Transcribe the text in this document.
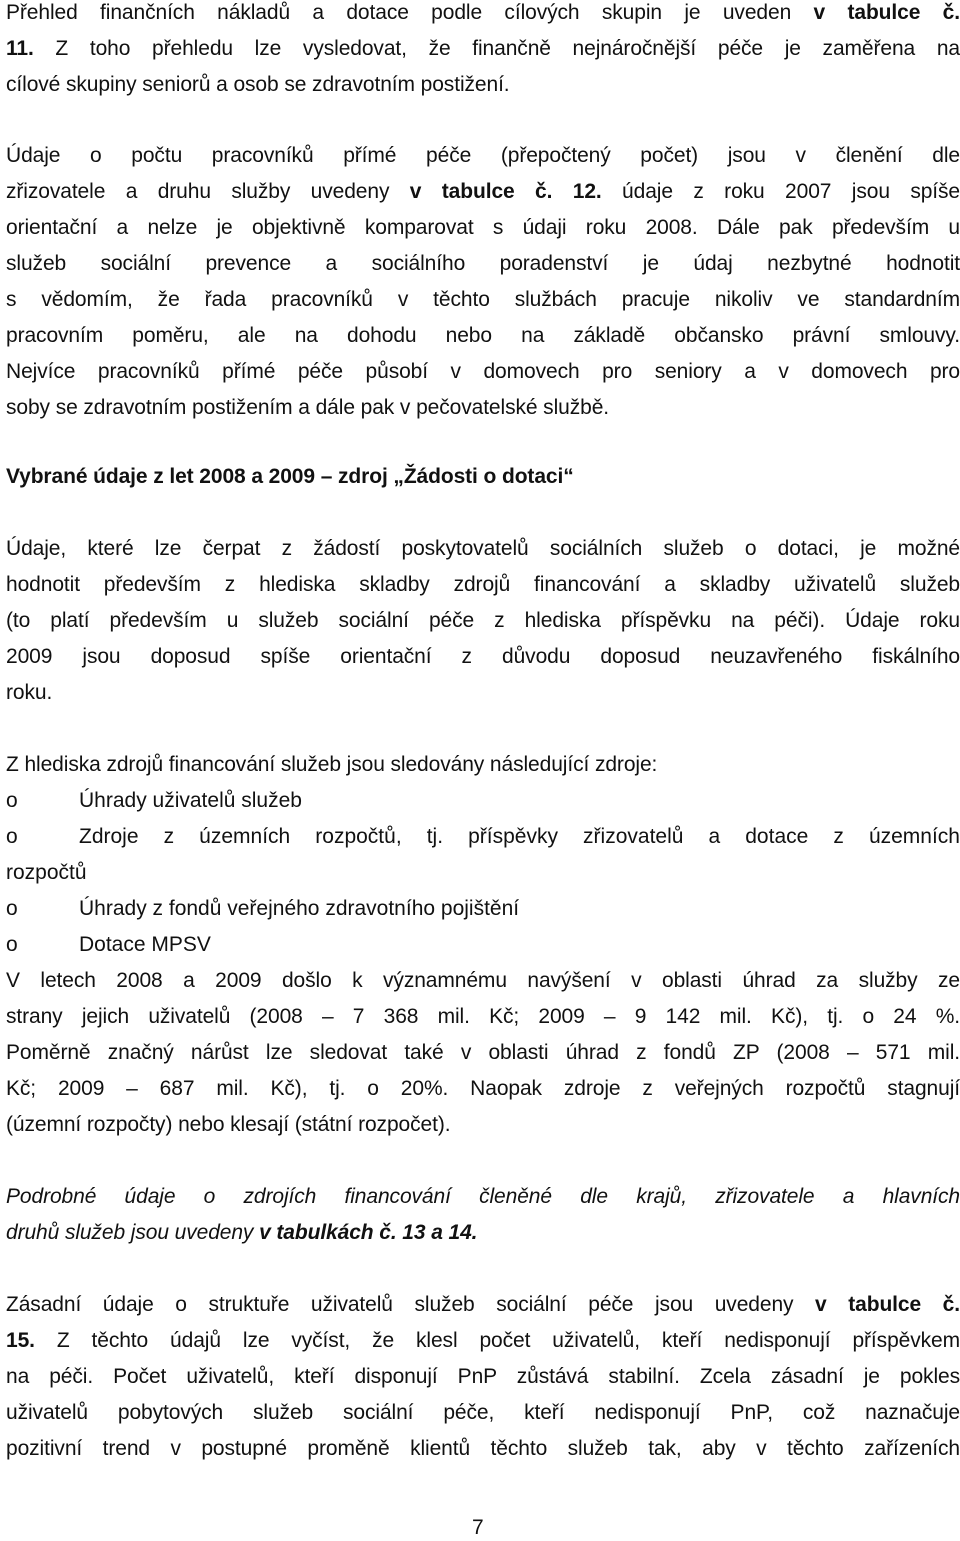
Přehled finančních nákladů a dotace podle cílových skupin je uveden v tabulce č.
11. Z toho přehledu lze vysledovat, že finančně nejnáročnější péče je zaměřena na
cílové skupiny seniorů a osob se zdravotním postižení.
Údaje o počtu pracovníků přímé péče (přepočtený počet) jsou v členění dle
zřizovatele a druhu služby uvedeny v tabulce č. 12. údaje z roku 2007 jsou spíše
orientační a nelze je objektivně komparovat s údaji roku 2008. Dále pak především u
služeb sociální prevence a sociálního poradenství je údaj nezbytné hodnotit
s vědomím, že řada pracovníků v těchto službách pracuje nikoliv ve standardním
pracovním poměru, ale na dohodu nebo na základě občansko právní smlouvy.
Nejvíce pracovníků přímé péče působí v domovech pro seniory a v domovech pro
soby se zdravotním postižením a dále pak v pečovatelské službě.
Vybrané údaje z let 2008 a 2009 – zdroj „Žádosti o dotaci“
Údaje, které lze čerpat z žádostí poskytovatelů sociálních služeb o dotaci, je možné
hodnotit především z hlediska skladby zdrojů financování a skladby uživatelů služeb
(to platí především u služeb sociální péče z hlediska příspěvku na péči). Údaje roku
2009 jsou doposud spíše orientační z důvodu doposud neuzavřeného fiskálního
roku.
Z hlediska zdrojů financování služeb jsou sledovány následující zdroje:
o	Úhrady uživatelů služeb
o	Zdroje z územních rozpočtů, tj. příspěvky zřizovatelů a dotace z územních
rozpočtů
o	Úhrady z fondů veřejného zdravotního pojištění
o	Dotace MPSV
V letech 2008 a 2009 došlo k významnému navýšení v oblasti úhrad za služby ze
strany jejich uživatelů (2008 – 7 368 mil. Kč; 2009 – 9 142 mil. Kč), tj. o 24 %.
Poměrně značný nárůst lze sledovat také v oblasti úhrad z fondů ZP (2008 – 571 mil.
Kč; 2009 – 687 mil. Kč), tj. o 20%. Naopak zdroje z veřejných rozpočtů stagnují
(územní rozpočty) nebo klesají (státní rozpočet).
Podrobné údaje o zdrojích financování členěné dle krajů, zřizovatele a hlavních
druhů služeb jsou uvedeny v tabulkách č. 13 a 14.
Zásadní údaje o struktuře uživatelů služeb sociální péče jsou uvedeny v tabulce č.
15. Z těchto údajů lze vyčíst, že klesl počet uživatelů, kteří nedisponují příspěvkem
na péči. Počet uživatelů, kteří disponují PnP zůstává stabilní. Zcela zásadní je pokles
uživatelů pobytových služeb sociální péče, kteří nedisponují PnP, což naznačuje
pozitivní trend v postupné proměně klientů těchto služeb tak, aby v těchto zařízeních
7
